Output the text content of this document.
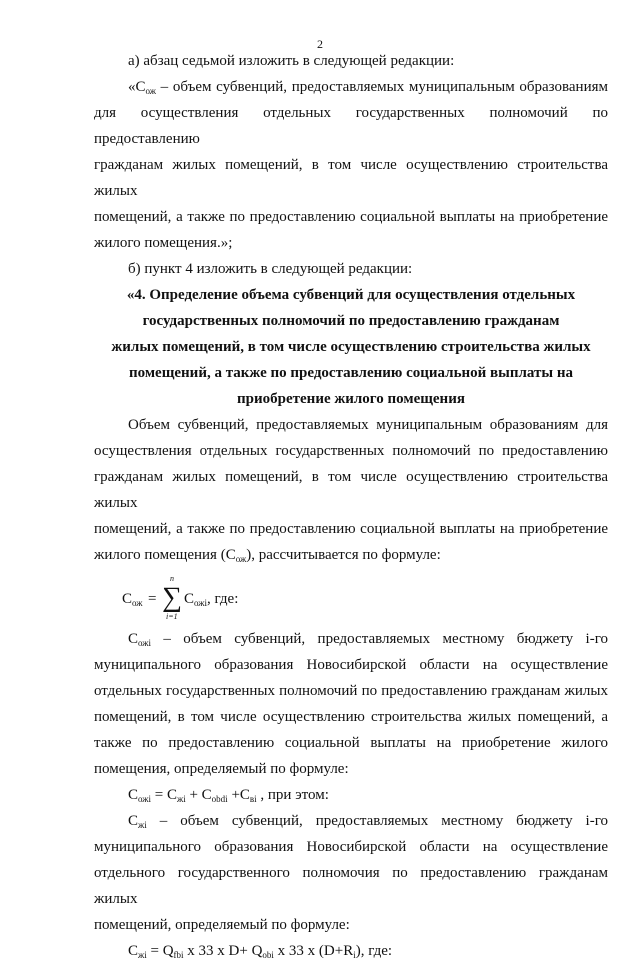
2

а) абзац седьмой изложить в следующей редакции:

«$С_{ож}$ – объем субвенций, предоставляемых муниципальным образованиям

для осуществления отдельных государственных полномочий по предоставлению

гражданам жилых помещений, в том числе осуществлению строительства жилых

помещений, а также по предоставлению социальной выплаты на приобретение

жилого помещения.»;

б) пункт 4 изложить в следующей редакции:

«4. Определение объема субвенций для осуществления отдельных
государственных полномочий по предоставлению гражданам
жилых помещений, в том числе осуществлению строительства жилых
помещений, а также по предоставлению социальной выплаты на
приобретение жилого помещения

Объем субвенций, предоставляемых муниципальным образованиям для

осуществления отдельных государственных полномочий по предоставлению

гражданам жилых помещений, в том числе осуществлению строительства жилых

помещений, а также по предоставлению социальной выплаты на приобретение

жилого помещения $(С_{ож})$, рассчитывается по формуле:

$С_{ож}$ =
n
∑
i=1
$С_{ожi}$, где:

$С_{ожi}$ – объем субвенций, предоставляемых местному бюджету i-го

муниципального образования Новосибирской области на осуществление

отдельных государственных полномочий по предоставлению гражданам жилых

помещений, в том числе осуществлению строительства жилых помещений, а

также по предоставлению социальной выплаты на приобретение жилого

помещения, определяемый по формуле:

$С_{ожi} = С_{жi} + С_{obdi} +С_{вi}$ , при этом:

$С_{жi}$ – объем субвенций, предоставляемых местному бюджету i-го

муниципального образования Новосибирской области на осуществление

отдельного государственного полномочия по предоставлению гражданам жилых

помещений, определяемый по формуле:

$С_{жi} = Q_{fbi}$ х 33 х $D+ Q_{obi}$ х 33 х $(D+R_i)$, где:
